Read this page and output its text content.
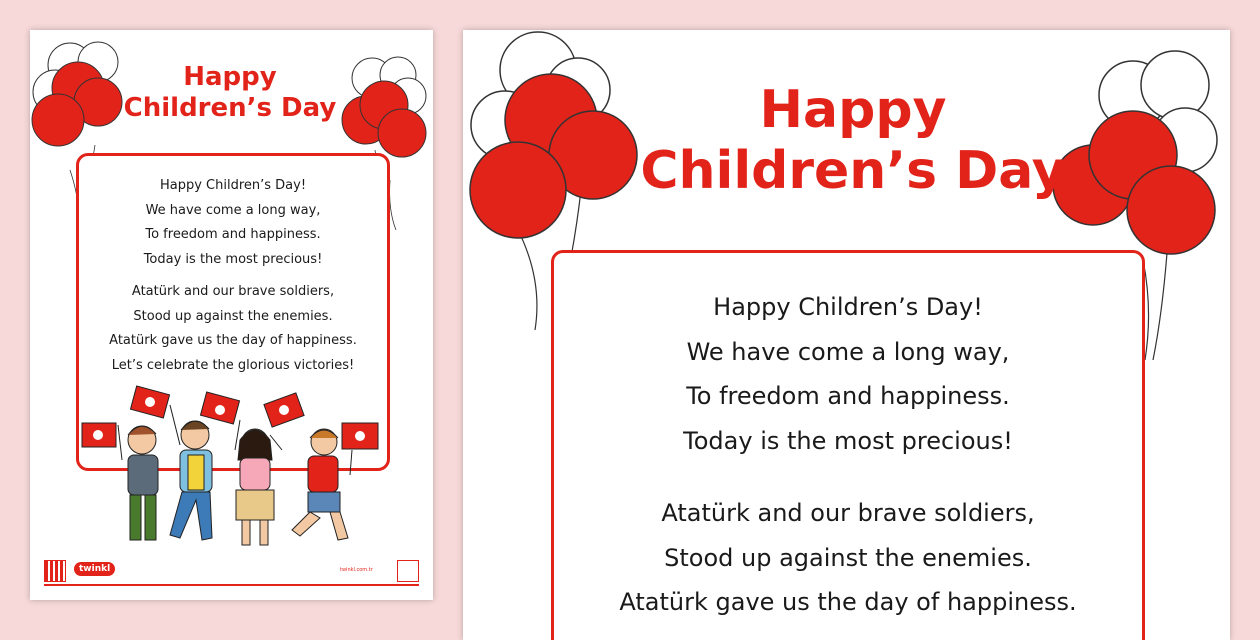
Happy
Children’s Day

Happy Children’s Day!
We have come a long way,
To freedom and happiness.
Today is the most precious!

Atatürk and our brave soldiers,
Stood up against the enemies.
Atatürk gave us the day of happiness.
Let’s celebrate the glorious victories!

twinkl	twinkl.com.tr
Happy
Children’s Day

Happy Children’s Day!
We have come a long way,
To freedom and happiness.
Today is the most precious!

Atatürk and our brave soldiers,
Stood up against the enemies.
Atatürk gave us the day of happiness.
